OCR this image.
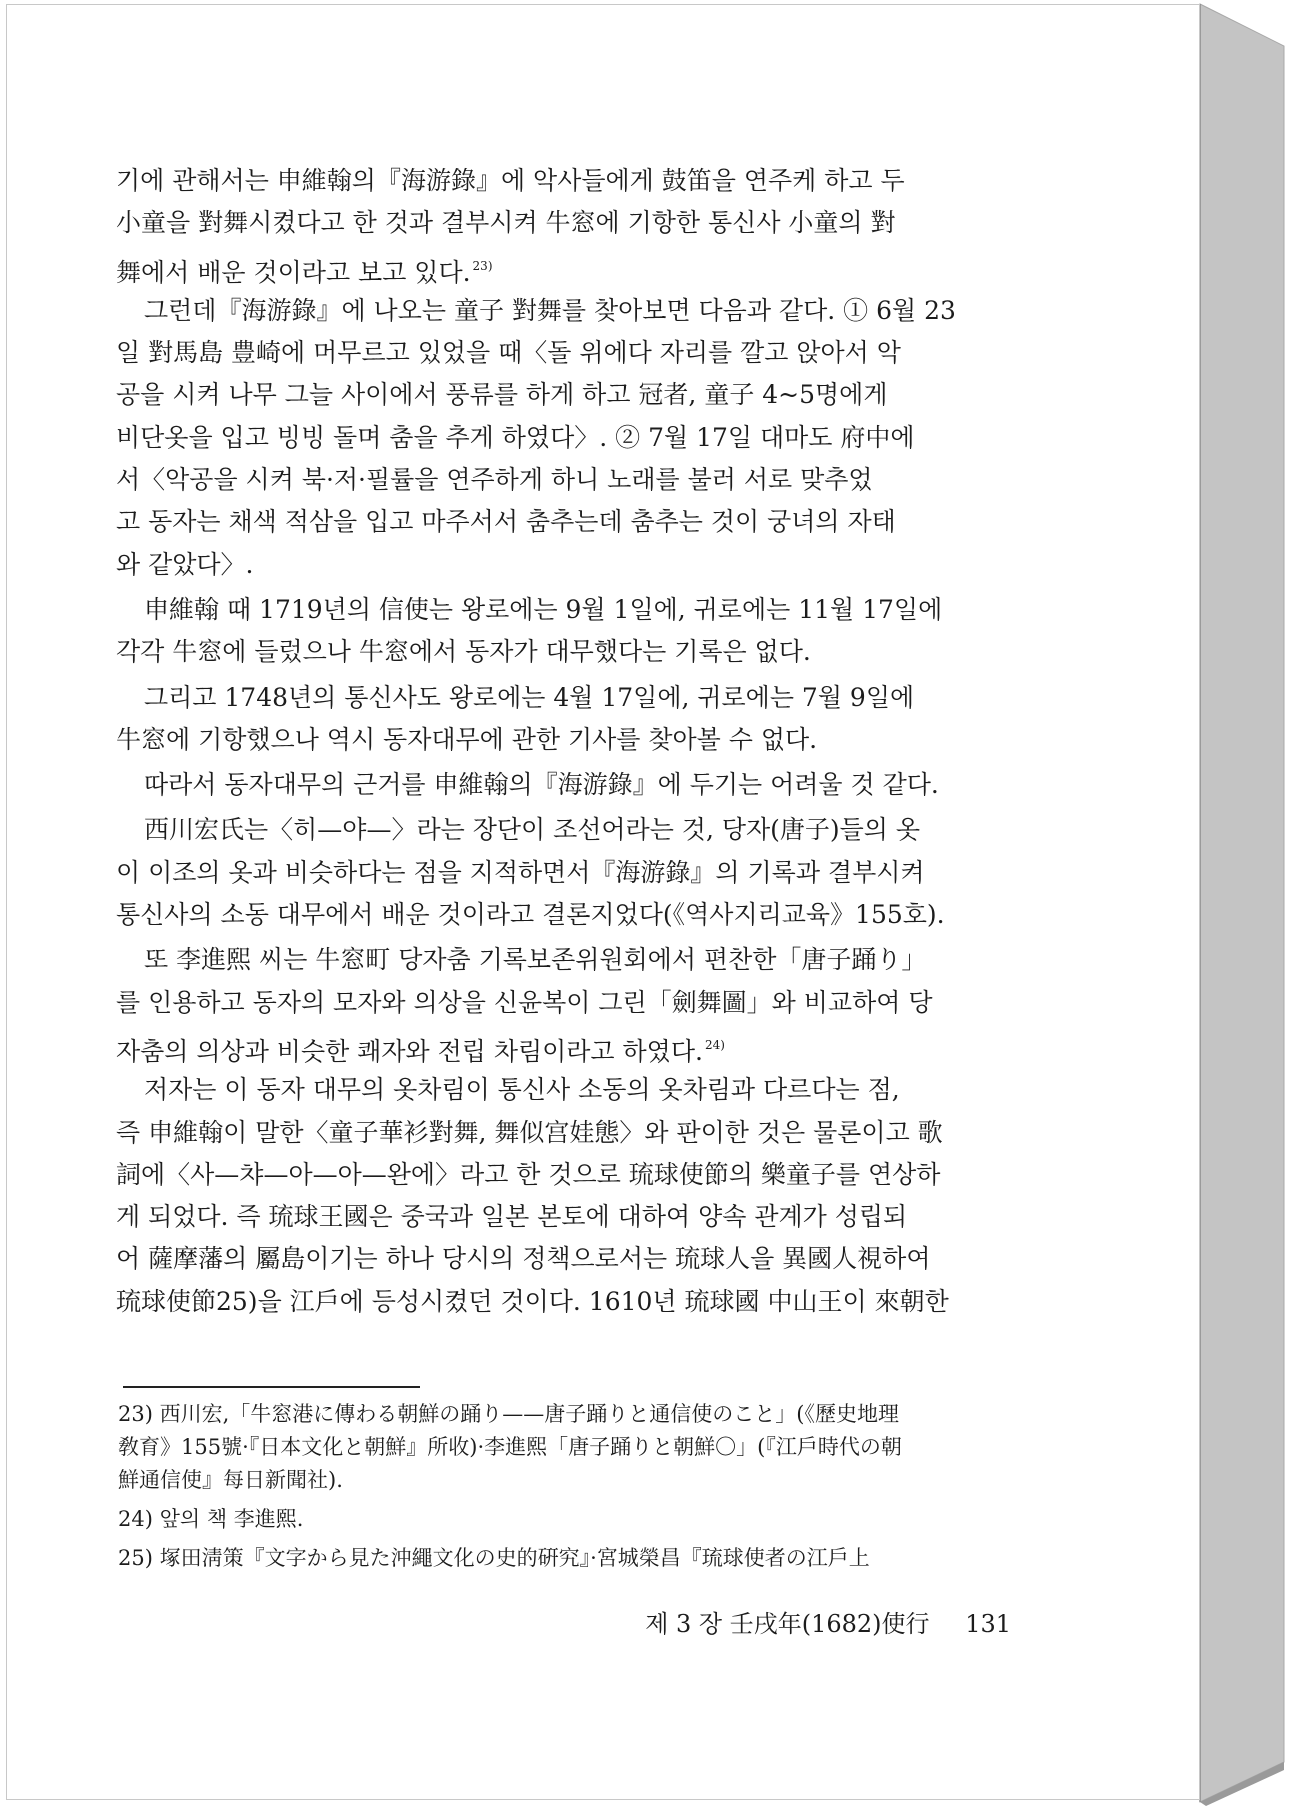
기에 관해서는 申維翰의『海游錄』에 악사들에게 鼓笛을 연주케 하고 두

小童을 對舞시켰다고 한 것과 결부시켜 牛窓에 기항한 통신사 小童의 對

舞에서 배운 것이라고 보고 있다. $^{23)}$

그런데『海游錄』에 나오는 童子 對舞를 찾아보면 다음과 같다. ① 6월 23

일 對馬島 豊崎에 머무르고 있었을 때〈돌 위에다 자리를 깔고 앉아서 악

공을 시켜 나무 그늘 사이에서 풍류를 하게 하고 冠者, 童子 4~5명에게

비단옷을 입고 빙빙 돌며 춤을 추게 하였다〉. ② 7월 17일 대마도 府中에

서〈악공을 시켜 북·저·필률을 연주하게 하니 노래를 불러 서로 맞추었

고 동자는 채색 적삼을 입고 마주서서 춤추는데 춤추는 것이 궁녀의 자태

와 같았다〉.

申維翰 때 1719년의 信使는 왕로에는 9월 1일에, 귀로에는 11월 17일에

각각 牛窓에 들렀으나 牛窓에서 동자가 대무했다는 기록은 없다.

그리고 1748년의 통신사도 왕로에는 4월 17일에, 귀로에는 7월 9일에

牛窓에 기항했으나 역시 동자대무에 관한 기사를 찾아볼 수 없다.

따라서 동자대무의 근거를 申維翰의『海游錄』에 두기는 어려울 것 같다.

西川宏氏는〈히—야—〉라는 장단이 조선어라는 것, 당자(唐子)들의 옷

이 이조의 옷과 비슷하다는 점을 지적하면서『海游錄』의 기록과 결부시켜

통신사의 소동 대무에서 배운 것이라고 결론지었다(《역사지리교육》155호).

또 李進熙 씨는 牛窓町 당자춤 기록보존위원회에서 편찬한「唐子踊り」

를 인용하고 동자의 모자와 의상을 신윤복이 그린「劍舞圖」와 비교하여 당

자춤의 의상과 비슷한 쾌자와 전립 차림이라고 하였다. $^{24)}$

저자는 이 동자 대무의 옷차림이 통신사 소동의 옷차림과 다르다는 점,

즉 申維翰이 말한〈童子華衫對舞, 舞似宫娃態〉와 판이한 것은 물론이고 歌

詞에〈사—챠—아—아—완에〉라고 한 것으로 琉球使節의 樂童子를 연상하

게 되었다. 즉 琉球王國은 중국과 일본 본토에 대하여 양속 관계가 성립되

어 薩摩藩의 屬島이기는 하나 당시의 정책으로서는 琉球人을 異國人視하여

琉球使節25)을 江戶에 등성시켰던 것이다. 1610년 琉球國 中山王이 來朝한

23) 西川宏,「牛窓港に傳わる朝鮮の踊り——唐子踊りと通信使のこと」(《歷史地理

敎育》155號·『日本文化と朝鮮』所收)·李進熙「唐子踊りと朝鮮〇」(『江戶時代の朝

鮮通信使』每日新聞社).

24) 앞의 책 李進熙.

25) 塚田淸策『文字から見た沖繩文化の史的硏究』·宮城榮昌『琉球使者の江戶上

제 3 장 壬戌年(1682)使行 131
